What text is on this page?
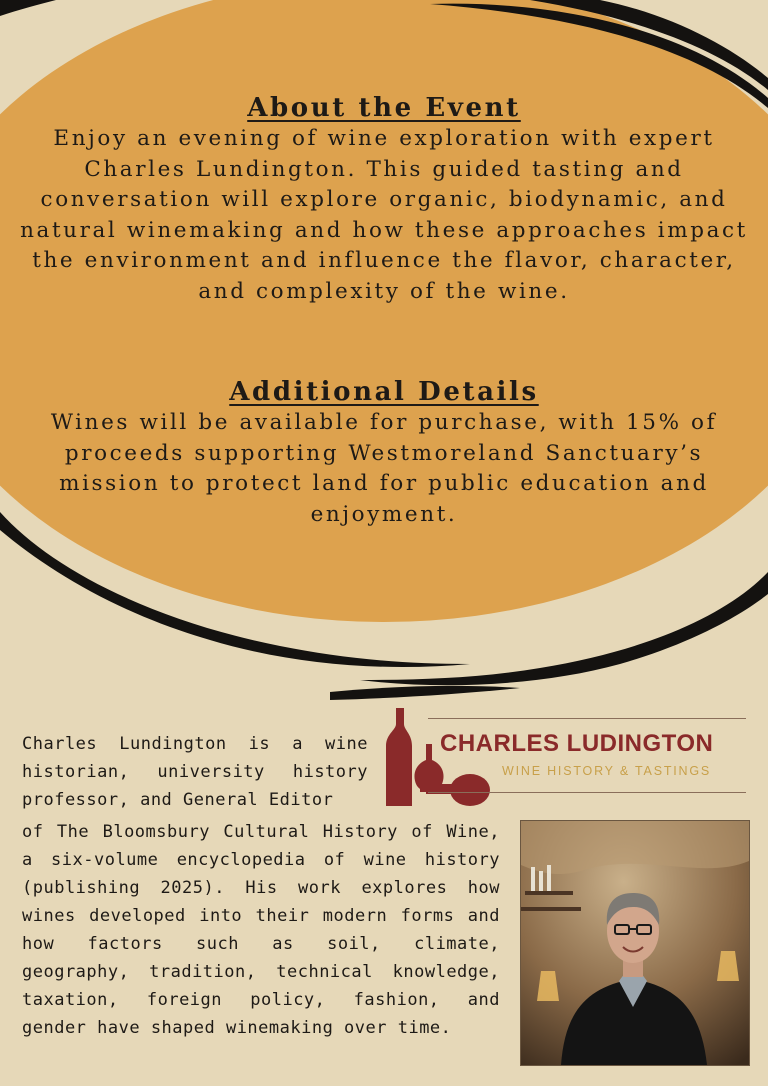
About the Event

Enjoy an evening of wine exploration with expert Charles Lundington. This guided tasting and conversation will explore organic, biodynamic, and natural winemaking and how these approaches impact the environment and influence the flavor, character, and complexity of the wine.

Additional Details

Wines will be available for purchase, with 15% of proceeds supporting Westmoreland Sanctuary’s mission to protect land for public education and enjoyment.

Charles Lundington is a wine historian, university history professor, and General Editor

of The Bloomsbury Cultural History of Wine, a six-volume encyclopedia of wine history (publishing 2025). His work explores how wines developed into their modern forms and how factors such as soil, climate, geography, tradition, technical knowledge, taxation, foreign policy, fashion, and gender have shaped winemaking over time.

CHARLES LUDINGTON
WINE HISTORY & TASTINGS
